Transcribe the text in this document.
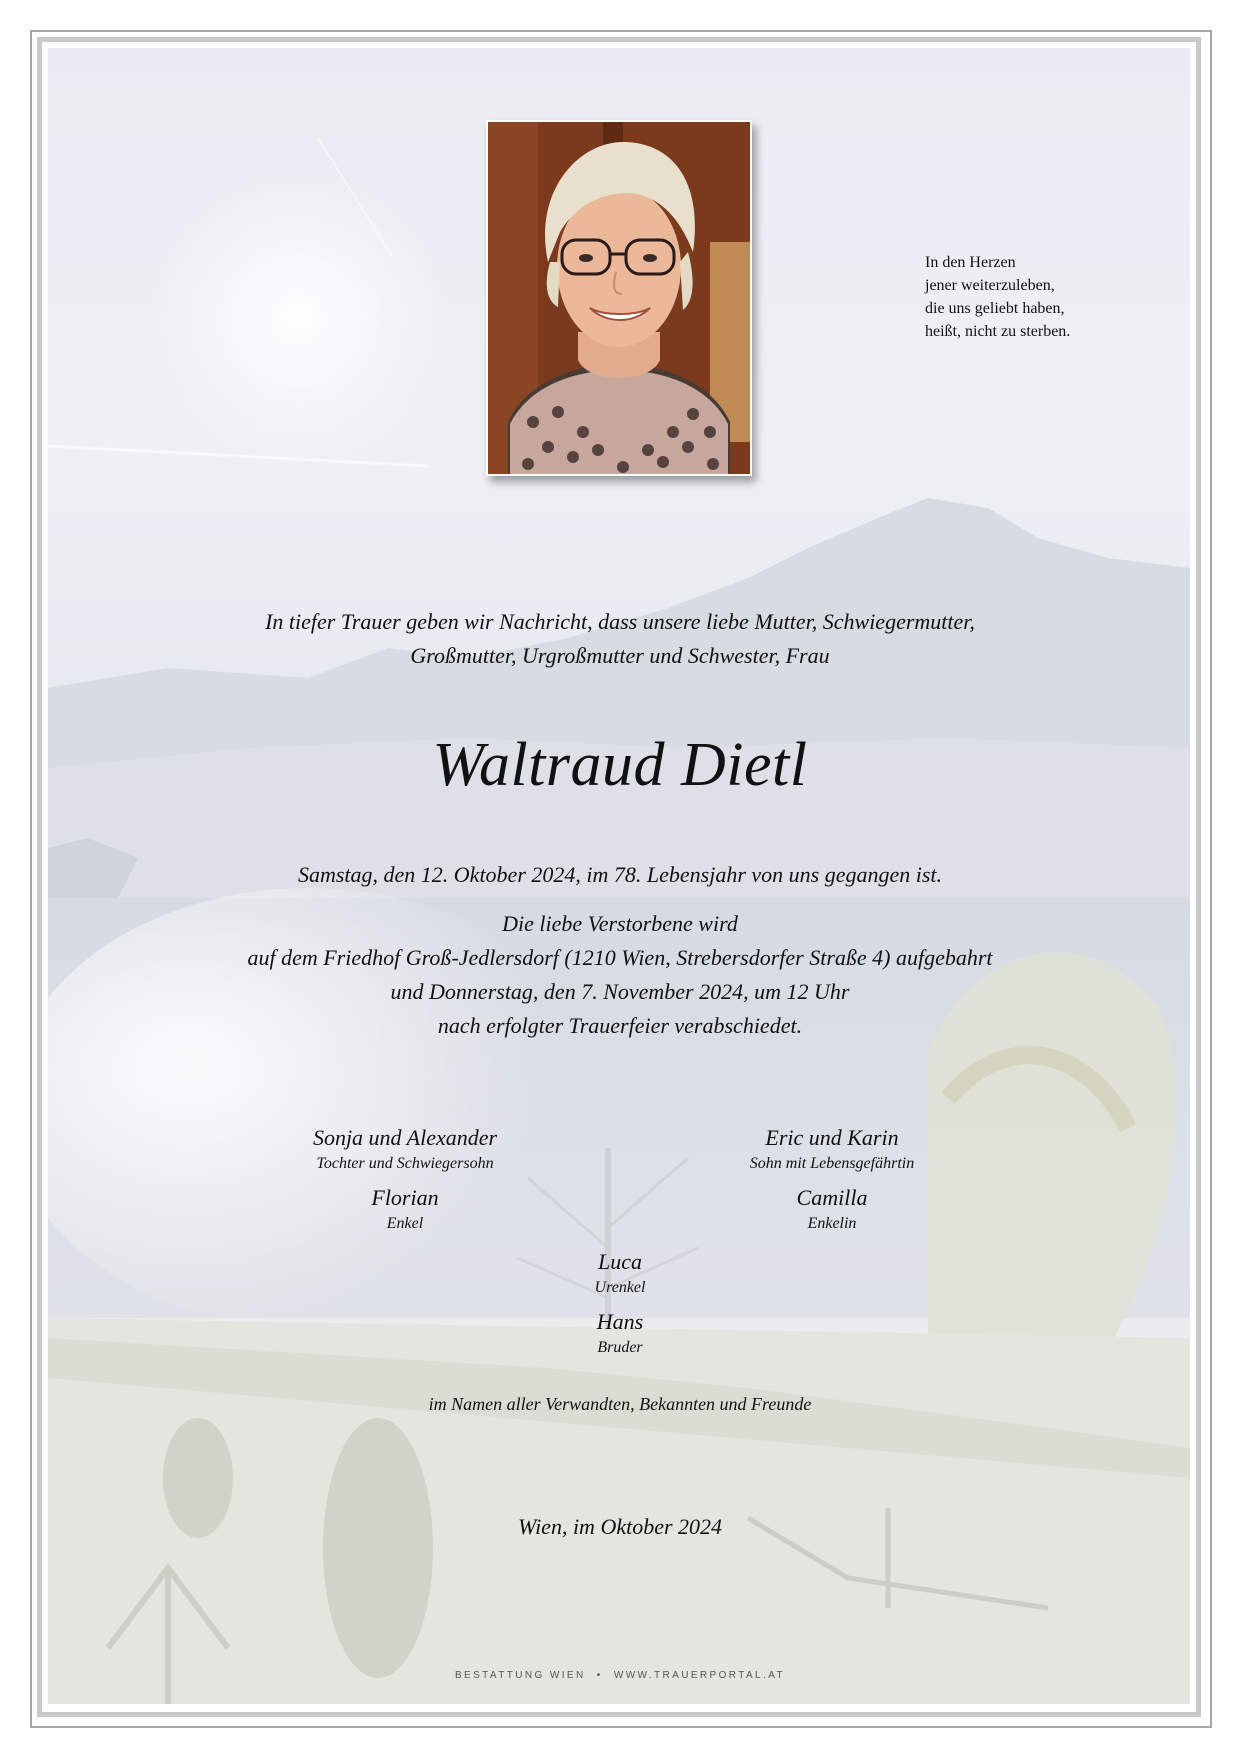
In den Herzen
jener weiterzuleben,
die uns geliebt haben,
heißt, nicht zu sterben.
In tiefer Trauer geben wir Nachricht, dass unsere liebe Mutter, Schwiegermutter,
Großmutter, Urgroßmutter und Schwester, Frau
Waltraud Dietl
Samstag, den 12. Oktober 2024, im 78. Lebensjahr von uns gegangen ist.
Die liebe Verstorbene wird
auf dem Friedhof Groß-Jedlersdorf (1210 Wien, Strebersdorfer Straße 4) aufgebahrt
und Donnerstag, den 7. November 2024, um 12 Uhr
nach erfolgter Trauerfeier verabschiedet.
Sonja und Alexander
Tochter und Schwiegersohn
Florian
Enkel
Eric und Karin
Sohn mit Lebensgefährtin
Camilla
Enkelin
Luca
Urenkel
Hans
Bruder
im Namen aller Verwandten, Bekannten und Freunde
Wien, im Oktober 2024
BESTATTUNG WIEN • WWW.TRAUERPORTAL.AT
